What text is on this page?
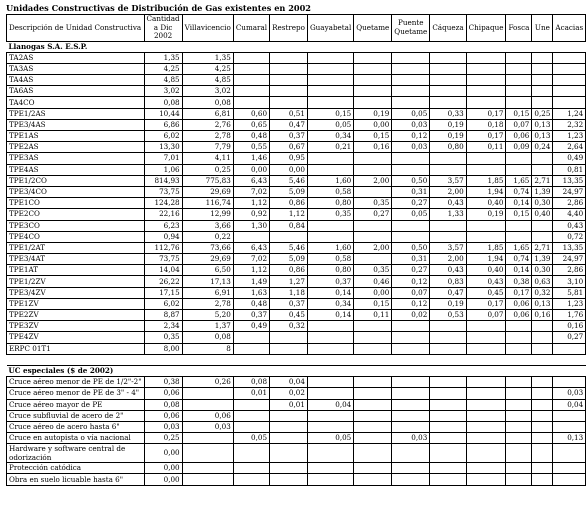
Unidades Constructivas de Distribución de Gas existentes en 2002
Descripción de Unidad Constructiva	Cantidad a Dic 2002	Villavicencio	Cumaral	Restrepo	Guayabetal	Quetame	Puente Quetame	Cáqueza	Chipaque	Fosca	Une	Acacias
Llanogas S.A. E.S.P.												
TA2AS	1,35	1,35										
TA3AS	4,25	4,25										
TA4AS	4,85	4,85										
TA6AS	3,02	3,02										
TA4CO	0,08	0,08										
TPE1/2AS	10,44	6,81	0,60	0,51	0,15	0,19	0,05	0,33	0,17	0,15	0,25	1,24
TPE3/4AS	6,86	2,76	0,65	0,47	0,05	0,00	0,03	0,19	0,18	0,07	0,13	2,32
TPE1AS	6,02	2,78	0,48	0,37	0,34	0,15	0,12	0,19	0,17	0,06	0,13	1,23
TPE2AS	13,30	7,79	0,55	0,67	0,21	0,16	0,03	0,80	0,11	0,09	0,24	2,64
TPE3AS	7,01	4,11	1,46	0,95								0,49
TPE4AS	1,06	0,25	0,00	0,00								0,81
TPE1/2CO	814,93	775,83	6,43	5,46	1,60	2,00	0,50	3,57	1,85	1,65	2,71	13,35
TPE3/4CO	73,75	29,69	7,02	5,09	0,58		0,31	2,00	1,94	0,74	1,39	24,97
TPE1CO	124,28	116,74	1,12	0,86	0,80	0,35	0,27	0,43	0,40	0,14	0,30	2,86
TPE2CO	22,16	12,99	0,92	1,12	0,35	0,27	0,05	1,33	0,19	0,15	0,40	4,40
TPE3CO	6,23	3,66	1,30	0,84								0,43
TPE4CO	0,94	0,22										0,72
TPE1/2AT	112,76	73,66	6,43	5,46	1,60	2,00	0,50	3,57	1,85	1,65	2,71	13,35
TPE3/4AT	73,75	29,69	7,02	5,09	0,58		0,31	2,00	1,94	0,74	1,39	24,97
TPE1AT	14,04	6,50	1,12	0,86	0,80	0,35	0,27	0,43	0,40	0,14	0,30	2,86
TPE1/2ZV	26,22	17,13	1,49	1,27	0,37	0,46	0,12	0,83	0,43	0,38	0,63	3,10
TPE3/4ZV	17,15	6,91	1,63	1,18	0,14	0,00	0,07	0,47	0,45	0,17	0,32	5,81
TPE1ZV	6,02	2,78	0,48	0,37	0,34	0,15	0,12	0,19	0,17	0,06	0,13	1,23
TPE2ZV	8,87	5,20	0,37	0,45	0,14	0,11	0,02	0,53	0,07	0,06	0,16	1,76
TPE3ZV	2,34	1,37	0,49	0,32								0,16
TPE4ZV	0,35	0,08										0,27
ERPC 01T1	8,00	8										

UC especiales ($ de 2002)												
Cruce aéreo menor de PE de 1/2"-2"	0,38	0,26	0,08	0,04								
Cruce aéreo menor de PE de 3" - 4"	0,06		0,01	0,02								0,03
Cruce aéreo mayor de PE	0,08			0,01	0,04							0,04
Cruce subfluvial de acero de 2"	0,06	0,06										
Cruce aéreo de acero hasta 6"	0,03	0,03										
Cruce en autopista o vía nacional	0,25		0,05		0,05		0,03					0,13
Hardware y software central de odorización	0,00											
Protección catódica	0,00											
Obra en suelo licuable hasta 6"	0,00											
